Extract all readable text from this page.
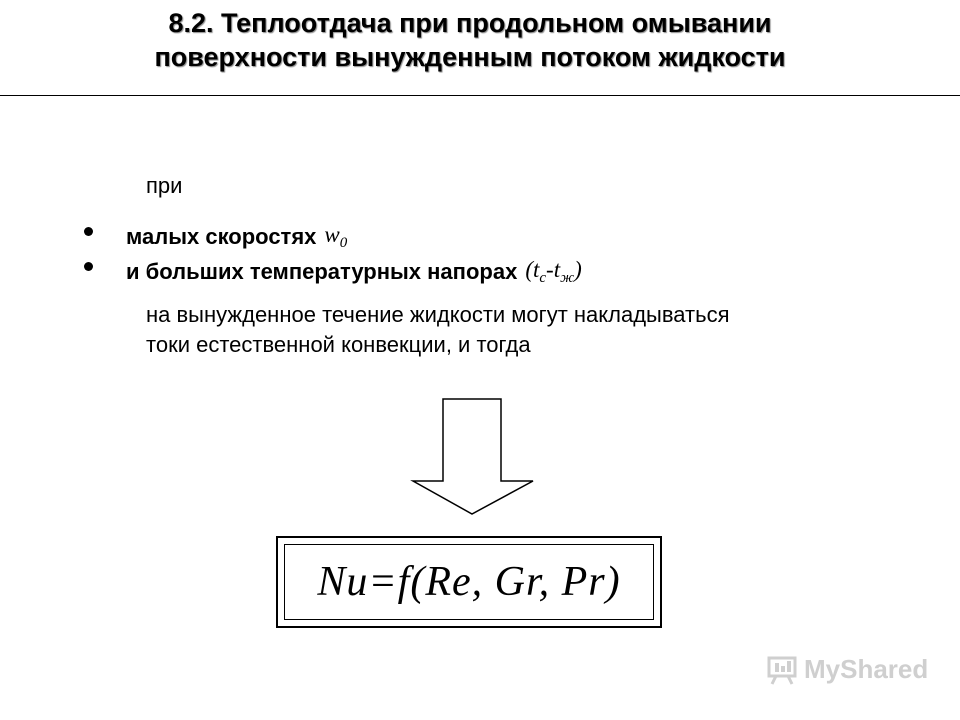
8.2. Теплоотдача при продольном омывании
поверхности вынужденным потоком жидкости
при
малых скоростях $w_0$
и больших температурных напорах $(t_c-t_ж)$
на вынужденное течение жидкости могут накладываться
токи естественной конвекции, и тогда
Nu=f(Re, Gr, Pr)
MyShared
